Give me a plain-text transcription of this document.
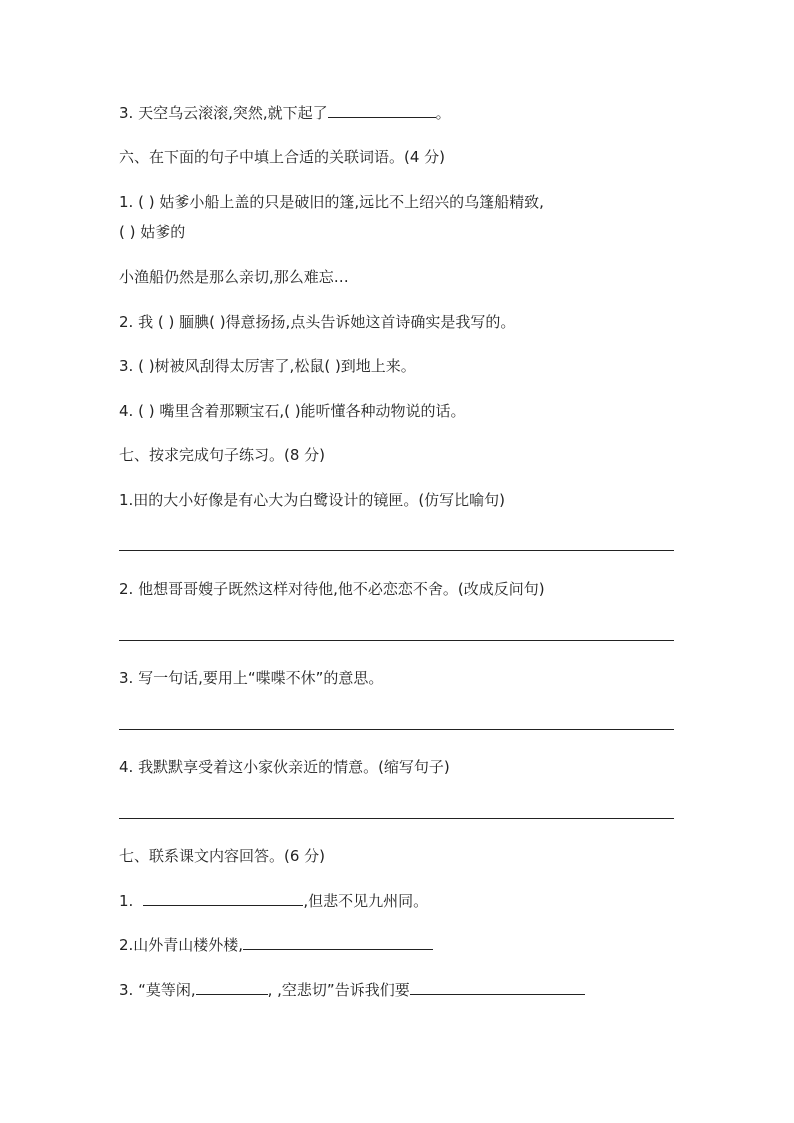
3. 天空乌云滚滚,突然,就下起了	。
六、在下面的句子中填上合适的关联词语。(4 分)
1. ( ) 姑爹小船上盖的只是破旧的篷,远比不上绍兴的乌篷船精致,
( ) 姑爹的
小渔船仍然是那么亲切,那么难忘…
2. 我 ( ) 腼腆( )得意扬扬,点头告诉她这首诗确实是我写的。
3. ( )树被风刮得太厉害了,松鼠( )到地上来。
4. ( ) 嘴里含着那颗宝石,( )能听懂各种动物说的话。
七、按求完成句子练习。(8 分)
1.田的大小好像是有心大为白鹭设计的镜匣。(仿写比喻句)
2. 他想哥哥嫂子既然这样对待他,他不必恋恋不舍。(改成反问句)
3. 写一句话,要用上“喋喋不休”的意思。
4. 我默默享受着这小家伙亲近的情意。(缩写句子)
七、联系课文内容回答。(6 分)
1.	,但悲不见九州同。
2.山外青山楼外楼,
3. “莫等闲,	, ,空悲切”告诉我们要
